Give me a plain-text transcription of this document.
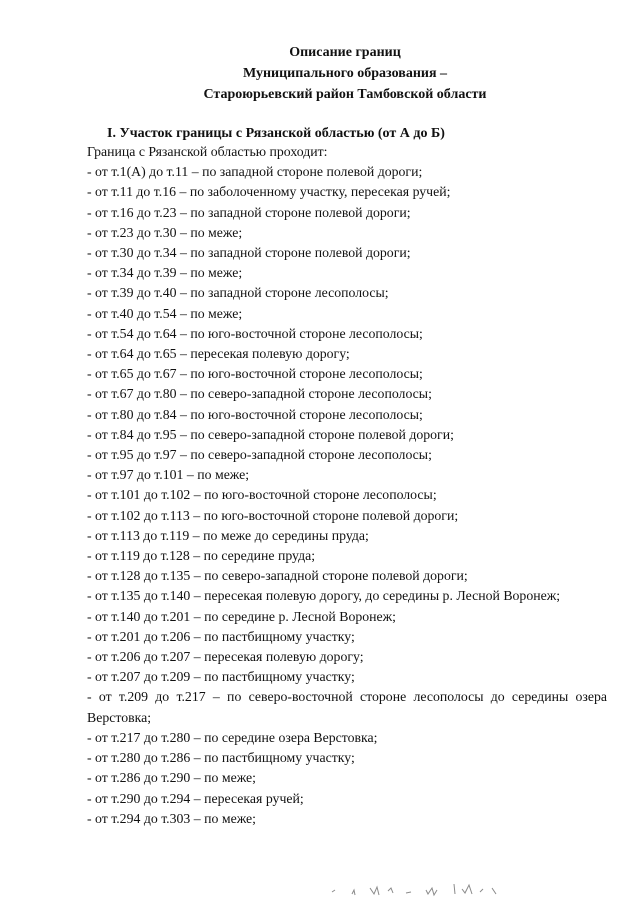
Описание границ
Муниципального образования –
Староюрьевский район Тамбовской области
I. Участок границы с Рязанской областью (от А до Б)
Граница с Рязанской областью проходит:
- от т.1(А) до т.11 – по западной стороне полевой дороги;
- от т.11 до т.16 – по заболоченному участку, пересекая ручей;
- от т.16 до т.23 – по западной стороне полевой дороги;
- от т.23 до т.30 – по меже;
- от т.30 до т.34 – по западной стороне полевой дороги;
- от т.34 до т.39 – по меже;
- от т.39 до т.40 – по западной стороне лесополосы;
- от т.40 до т.54 – по меже;
- от т.54 до т.64 – по юго-восточной стороне лесополосы;
- от т.64 до т.65 – пересекая полевую дорогу;
- от т.65 до т.67 – по юго-восточной стороне лесополосы;
- от т.67 до т.80 – по северо-западной стороне лесополосы;
- от т.80 до т.84 – по юго-восточной стороне лесополосы;
- от т.84 до т.95 – по северо-западной стороне полевой дороги;
- от т.95 до т.97 – по северо-западной стороне лесополосы;
- от т.97 до т.101 – по меже;
- от т.101 до т.102 – по юго-восточной стороне лесополосы;
- от т.102 до т.113 – по юго-восточной стороне полевой дороги;
- от т.113 до т.119 – по меже до середины пруда;
- от т.119 до т.128 – по середине пруда;
- от т.128 до т.135 – по северо-западной стороне полевой дороги;
- от т.135 до т.140 – пересекая полевую дорогу, до середины р. Лесной Воронеж;
- от т.140 до т.201 – по середине р. Лесной Воронеж;
- от т.201 до т.206 – по пастбищному участку;
- от т.206 до т.207 – пересекая полевую дорогу;
- от т.207 до т.209 – по пастбищному участку;
- от т.209 до т.217 – по северо-восточной стороне лесополосы до середины озера Верстовка;
- от т.217 до т.280 – по середине озера Верстовка;
- от т.280 до т.286 – по пастбищному участку;
- от т.286 до т.290 – по меже;
- от т.290 до т.294 – пересекая ручей;
- от т.294 до т.303 – по меже;
